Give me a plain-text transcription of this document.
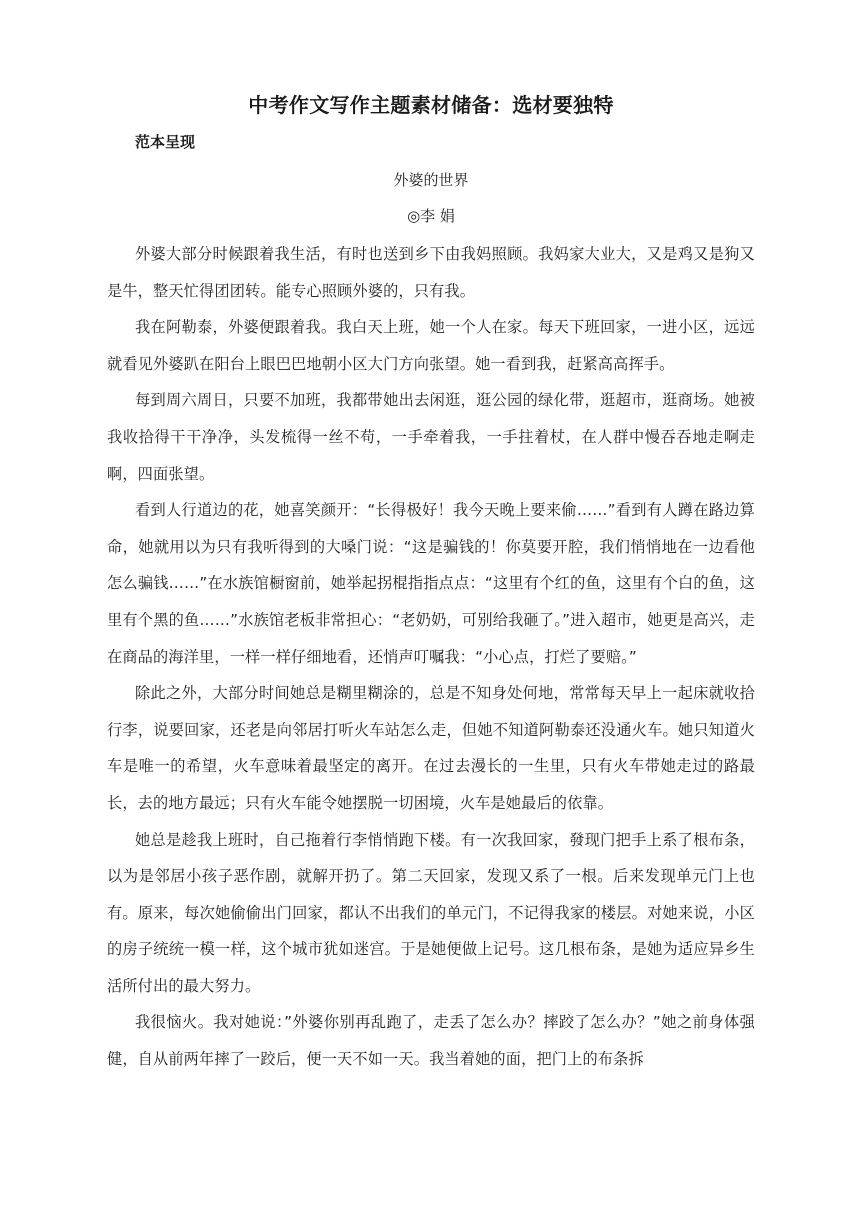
中考作文写作主题素材储备：选材要独特
范本呈现
外婆的世界
◎李 娟

外婆大部分时候跟着我生活，有时也送到乡下由我妈照顾。我妈家大业大，又是鸡又是狗又是牛，整天忙得团团转。能专心照顾外婆的，只有我。

我在阿勒泰，外婆便跟着我。我白天上班，她一个人在家。每天下班回家，一进小区，远远就看见外婆趴在阳台上眼巴巴地朝小区大门方向张望。她一看到我，赶紧高高挥手。

每到周六周日，只要不加班，我都带她出去闲逛，逛公园的绿化带，逛超市，逛商场。她被我收拾得干干净净，头发梳得一丝不苟，一手牵着我，一手拄着杖，在人群中慢吞吞地走啊走啊，四面张望。

看到人行道边的花，她喜笑颜开：“长得极好！我今天晚上要来偷……”看到有人蹲在路边算命，她就用以为只有我听得到的大嗓门说：“这是骗钱的！你莫要开腔，我们悄悄地在一边看他怎么骗钱……”在水族馆橱窗前，她举起拐棍指指点点：“这里有个红的鱼，这里有个白的鱼，这里有个黑的鱼……”水族馆老板非常担心：“老奶奶，可别给我砸了。”进入超市，她更是高兴，走在商品的海洋里，一样一样仔细地看，还悄声叮嘱我：“小心点，打烂了要赔。”

除此之外，大部分时间她总是糊里糊涂的，总是不知身处何地，常常每天早上一起床就收拾行李，说要回家，还老是向邻居打听火车站怎么走，但她不知道阿勒泰还没通火车。她只知道火车是唯一的希望，火车意味着最坚定的离开。在过去漫长的一生里，只有火车带她走过的路最长，去的地方最远；只有火车能令她摆脱一切困境，火车是她最后的依靠。

她总是趁我上班时，自己拖着行李悄悄跑下楼。有一次我回家，發现门把手上系了根布条，以为是邻居小孩子恶作剧，就解开扔了。第二天回家，发现又系了一根。后来发现单元门上也有。原来，每次她偷偷出门回家，都认不出我们的单元门，不记得我家的楼层。对她来说，小区的房子统统一模一样，这个城市犹如迷宫。于是她便做上记号。这几根布条，是她为适应异乡生活所付出的最大努力。

我很恼火。我对她说：”外婆你别再乱跑了，走丢了怎么办？摔跤了怎么办？”她之前身体强健，自从前两年摔了一跤后，便一天不如一天。我当着她的面，把门上的布条拆
